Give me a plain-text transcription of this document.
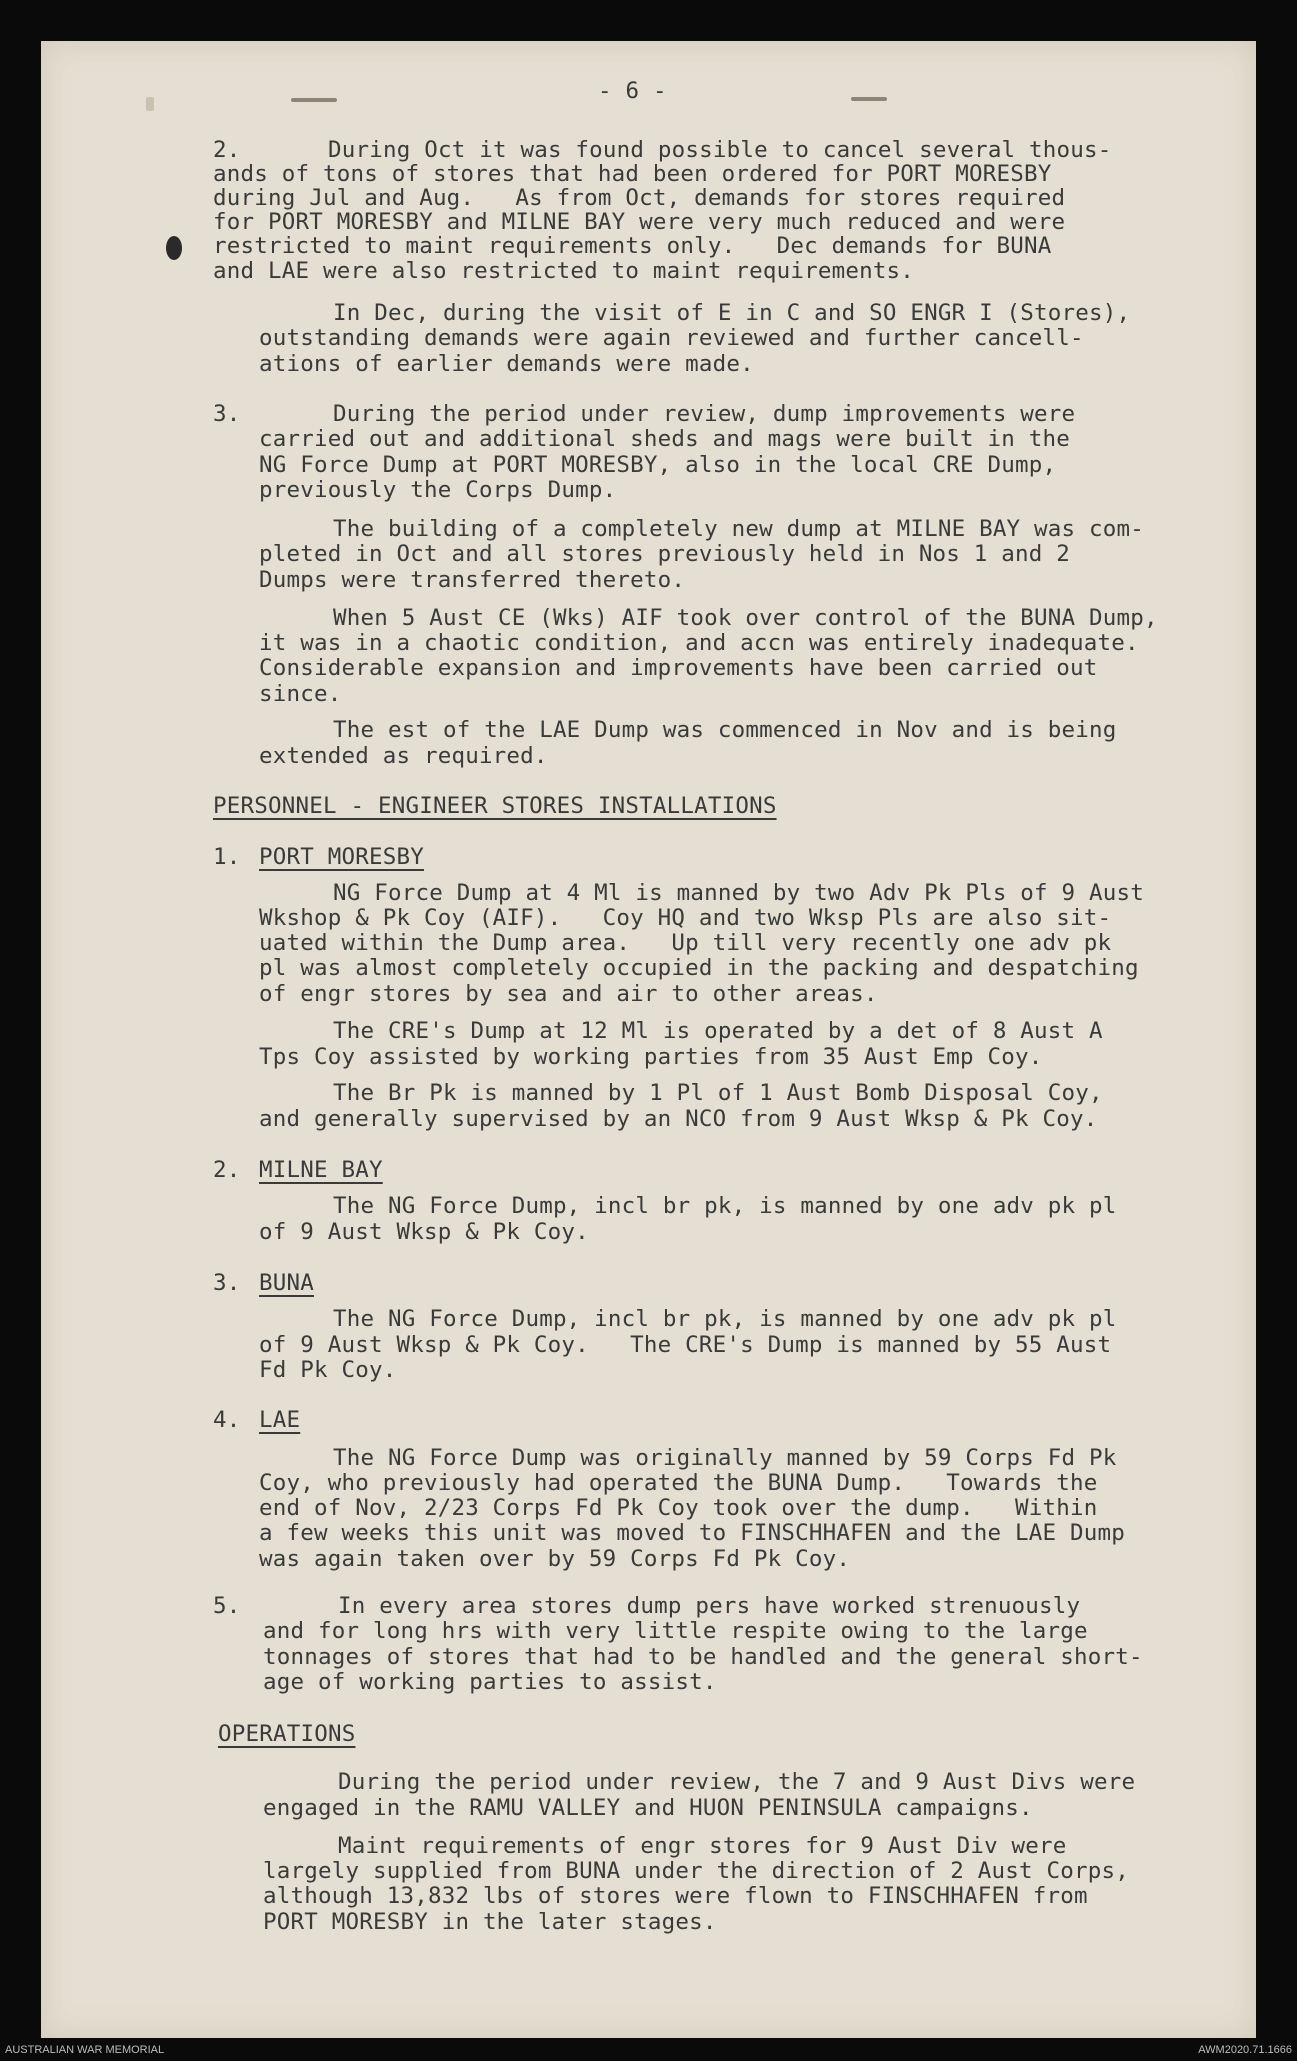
- 6 -
2.	During Oct it was found possible to cancel several thous-
ands of tons of stores that had been ordered for PORT MORESBY
during Jul and Aug.   As from Oct, demands for stores required
for PORT MORESBY and MILNE BAY were very much reduced and were
restricted to maint requirements only.   Dec demands for BUNA
and LAE were also restricted to maint requirements.
In Dec, during the visit of E in C and SO ENGR I (Stores),
outstanding demands were again reviewed and further cancell-
ations of earlier demands were made.
3.	During the period under review, dump improvements were
carried out and additional sheds and mags were built in the
NG Force Dump at PORT MORESBY, also in the local CRE Dump,
previously the Corps Dump.
The building of a completely new dump at MILNE BAY was com-
pleted in Oct and all stores previously held in Nos 1 and 2
Dumps were transferred thereto.
When 5 Aust CE (Wks) AIF took over control of the BUNA Dump,
it was in a chaotic condition, and accn was entirely inadequate.
Considerable expansion and improvements have been carried out
since.
The est of the LAE Dump was commenced in Nov and is being
extended as required.
PERSONNEL - ENGINEER STORES INSTALLATIONS
1. PORT MORESBY
NG Force Dump at 4 Ml is manned by two Adv Pk Pls of 9 Aust
Wkshop & Pk Coy (AIF).   Coy HQ and two Wksp Pls are also sit-
uated within the Dump area.   Up till very recently one adv pk
pl was almost completely occupied in the packing and despatching
of engr stores by sea and air to other areas.
The CRE's Dump at 12 Ml is operated by a det of 8 Aust A
Tps Coy assisted by working parties from 35 Aust Emp Coy.
The Br Pk is manned by 1 Pl of 1 Aust Bomb Disposal Coy,
and generally supervised by an NCO from 9 Aust Wksp & Pk Coy.
2. MILNE BAY
The NG Force Dump, incl br pk, is manned by one adv pk pl
of 9 Aust Wksp & Pk Coy.
3. BUNA
The NG Force Dump, incl br pk, is manned by one adv pk pl
of 9 Aust Wksp & Pk Coy.   The CRE's Dump is manned by 55 Aust
Fd Pk Coy.
4. LAE
The NG Force Dump was originally manned by 59 Corps Fd Pk
Coy, who previously had operated the BUNA Dump.   Towards the
end of Nov, 2/23 Corps Fd Pk Coy took over the dump.   Within
a few weeks this unit was moved to FINSCHHAFEN and the LAE Dump
was again taken over by 59 Corps Fd Pk Coy.
5.	In every area stores dump pers have worked strenuously
and for long hrs with very little respite owing to the large
tonnages of stores that had to be handled and the general short-
age of working parties to assist.
OPERATIONS
During the period under review, the 7 and 9 Aust Divs were
engaged in the RAMU VALLEY and HUON PENINSULA campaigns.
Maint requirements of engr stores for 9 Aust Div were
largely supplied from BUNA under the direction of 2 Aust Corps,
although 13,832 lbs of stores were flown to FINSCHHAFEN from
PORT MORESBY in the later stages.
AUSTRALIAN WAR MEMORIAL	AWM2020.71.1666
